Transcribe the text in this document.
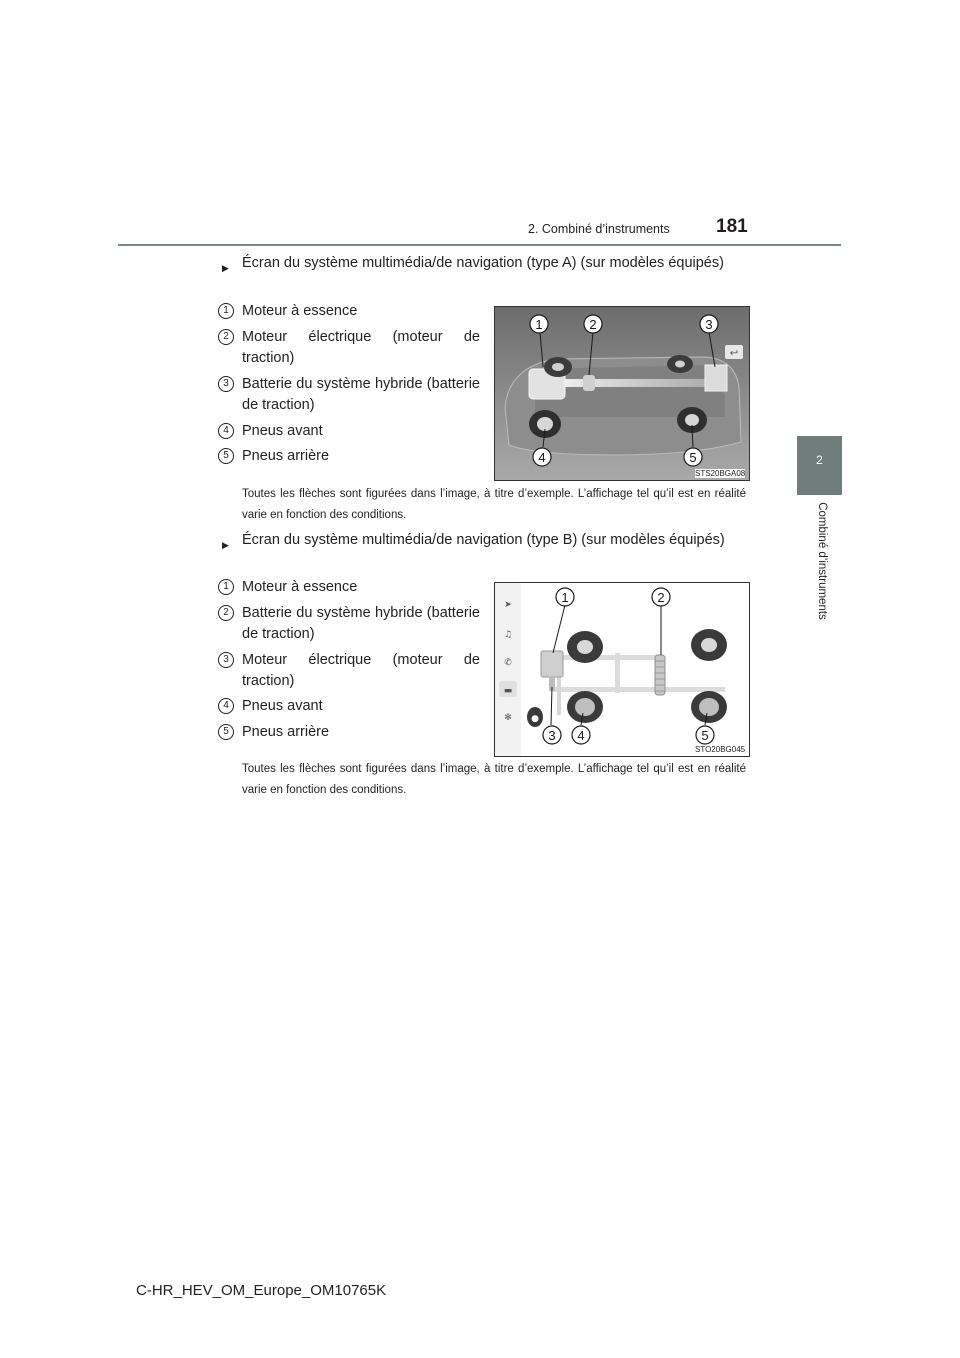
2. Combiné d’instruments 181
2
Combiné d’instruments
▶ Écran du système multimédia/de navigation (type A) (sur modèles équipés)
1 Moteur à essence
2 Moteur électrique (moteur de traction)
3 Batterie du système hybride (batterie de traction)
4 Pneus avant
5 Pneus arrière
↩
1	2	3
4	5
STS20BGA08
Toutes les flèches sont figurées dans l’image, à titre d’exemple. L’affichage tel qu’il est en réalité varie en fonction des conditions.
▶ Écran du système multimédia/de navigation (type B) (sur modèles équipés)
1 Moteur à essence
2 Batterie du système hybride (batterie de traction)
3 Moteur électrique (moteur de traction)
4 Pneus avant
5 Pneus arrière
➤
♫
✆
▬
✻ ●
1	2
3 4	5
STO20BG045
Toutes les flèches sont figurées dans l’image, à titre d’exemple. L’affichage tel qu’il est en réalité varie en fonction des conditions.
C-HR_HEV_OM_Europe_OM10765K
